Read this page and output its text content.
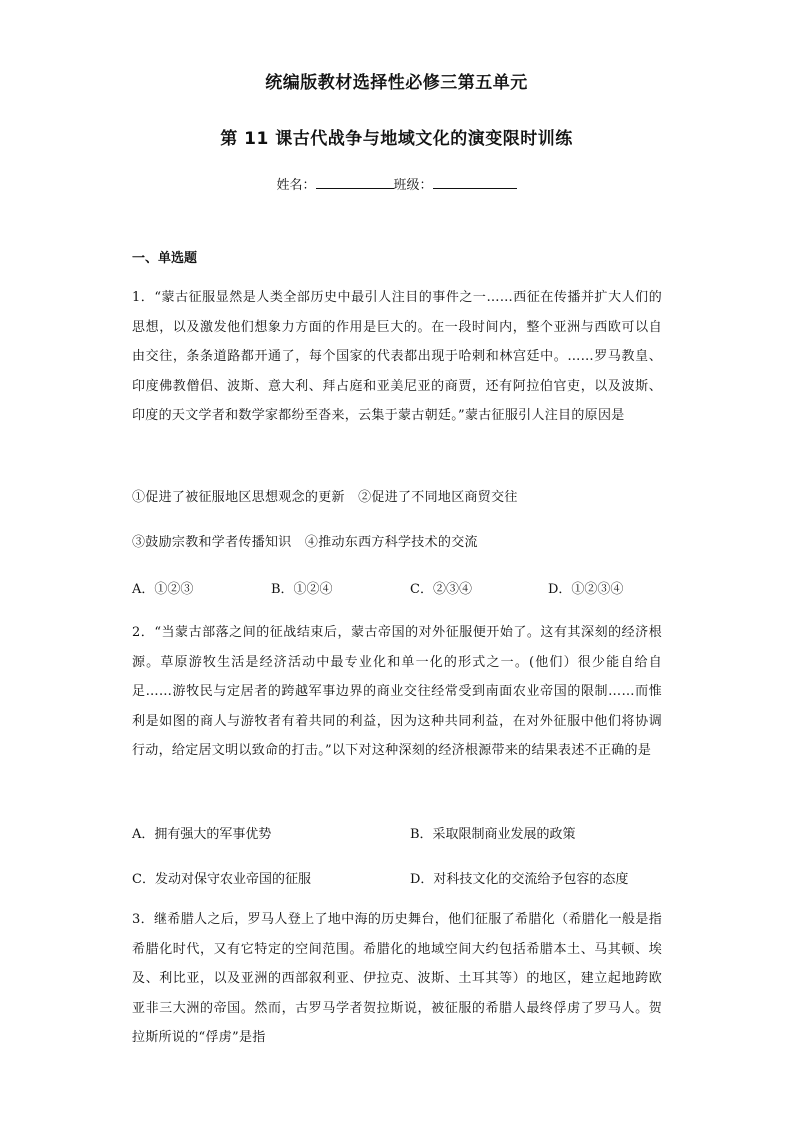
统编版教材选择性必修三第五单元
第 11 课古代战争与地域文化的演变限时训练
姓名：	班级：
一、单选题
1．“蒙古征服显然是人类全部历史中最引人注目的事件之一……西征在传播并扩大人们的思想，以及激发他们想象力方面的作用是巨大的。在一段时间内，整个亚洲与西欧可以自由交往，条条道路都开通了，每个国家的代表都出现于哈剌和林宫廷中。……罗马教皇、印度佛教僧侣、波斯、意大利、拜占庭和亚美尼亚的商贾，还有阿拉伯官吏，以及波斯、印度的天文学者和数学家都纷至沓来，云集于蒙古朝廷。”蒙古征服引人注目的原因是
①促进了被征服地区思想观念的更新　②促进了不同地区商贸交往
③鼓励宗教和学者传播知识　④推动东西方科学技术的交流
A．①②③	B．①②④	C．②③④	D．①②③④
2．“当蒙古部落之间的征战结束后，蒙古帝国的对外征服便开始了。这有其深刻的经济根源。草原游牧生活是经济活动中最专业化和单一化的形式之一。(他们）很少能自给自足……游牧民与定居者的跨越军事边界的商业交往经常受到南面农业帝国的限制……而惟利是如图的商人与游牧者有着共同的利益，因为这种共同利益，在对外征服中他们将协调行动，给定居文明以致命的打击。”以下对这种深刻的经济根源带来的结果表述不正确的是
A．拥有强大的军事优势	B．采取限制商业发展的政策
C．发动对保守农业帝国的征服	D．对科技文化的交流给予包容的态度
3．继希腊人之后，罗马人登上了地中海的历史舞台，他们征服了希腊化（希腊化一般是指希腊化时代，又有它特定的空间范围。希腊化的地域空间大约包括希腊本土、马其顿、埃及、利比亚，以及亚洲的西部叙利亚、伊拉克、波斯、土耳其等）的地区，建立起地跨欧亚非三大洲的帝国。然而，古罗马学者贺拉斯说，被征服的希腊人最终俘虏了罗马人。贺拉斯所说的“俘虏”是指
